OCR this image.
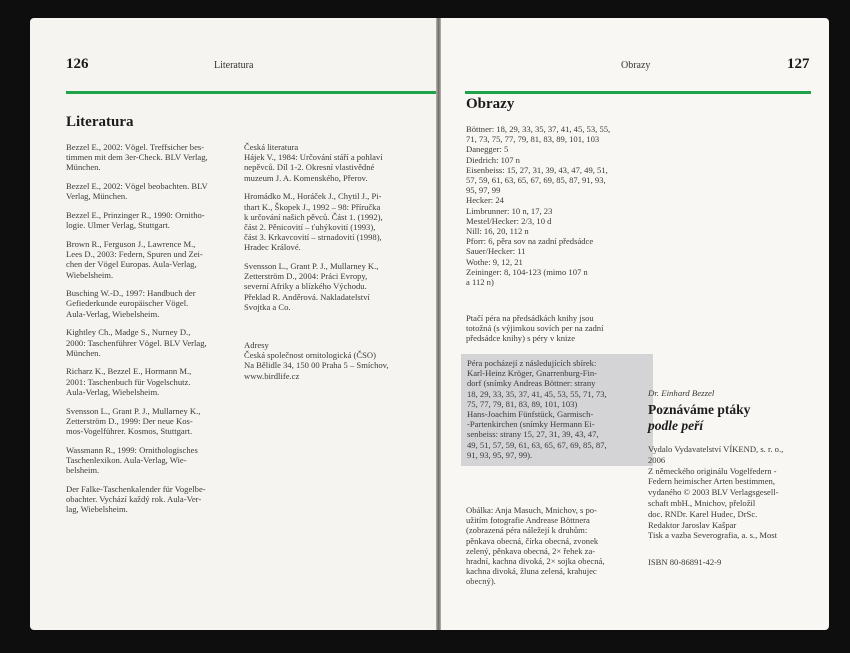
126	Literatura
Literatura

Bezzel E., 2002: Vögel. Treffsicher bes-
timmen mit dem 3er-Check. BLV Verlag,
München.

Bezzel E., 2002: Vögel beobachten. BLV
Verlag, München.

Bezzel E., Prinzinger R., 1990: Ornitho-
logie. Ulmer Verlag, Stuttgart.

Brown R., Ferguson J., Lawrence M.,
Lees D., 2003: Federn, Spuren und Zei-
chen der Vögel Europas. Aula-Verlag,
Wiebelsheim.

Busching W.-D., 1997: Handbuch der
Gefiederkunde europäischer Vögel.
Aula-Verlag, Wiebelsheim.

Kightley Ch., Madge S., Nurney D.,
2000: Taschenführer Vögel. BLV Verlag,
München.

Richarz K., Bezzel E., Hormann M.,
2001: Taschenbuch für Vogelschutz.
Aula-Verlag, Wiebelsheim.

Svensson L., Grant P. J., Mullarney K.,
Zetterström D., 1999: Der neue Kos-
mos-Vogelführer. Kosmos, Stuttgart.

Wassmann R., 1999: Ornithologisches
Taschenlexikon. Aula-Verlag, Wie-
belsheim.

Der Falke-Taschenkalender für Vogelbe-
obachter. Vychází každý rok. Aula-Ver-
lag, Wiebelsheim.

Česká literatura
Hájek V., 1984: Určování stáří a pohlaví
nepěvců. Díl 1-2. Okresní vlastivědné
muzeum J. A. Komenského, Přerov.

Hromádko M., Horáček J., Chytil J., Pi-
thart K., Škopek J., 1992 – 98: Příručka
k určování našich pěvců. Část 1. (1992),
část 2. Pěnicovití – ťuhýkovití (1993),
část 3. Krkavcovití – strnadovití (1998),
Hradec Králové.

Svensson L., Grant P. J., Mullarney K.,
Zetterström D., 2004: Práci Evropy,
severní Afriky a blízkého Východu.
Překlad R. Anděrová. Nakladatelství
Svojtka a Co.

Adresy
Česká společnost ornitologická (ČSO)
Na Bělidle 34, 150 00 Praha 5 – Smíchov,
www.birdlife.cz

Obrazy	127
Obrazy
Böttner: 18, 29, 33, 35, 37, 41, 45, 53, 55,
71, 73, 75, 77, 79, 81, 83, 89, 101, 103
Danegger: 5
Diedrich: 107 n
Eisenbeiss: 15, 27, 31, 39, 43, 47, 49, 51,
57, 59, 61, 63, 65, 67, 69, 85, 87, 91, 93,
95, 97, 99
Hecker: 24
Limbrunner: 10 n, 17, 23
Mestel/Hecker: 2/3, 10 d
Nill: 16, 20, 112 n
Pforr: 6, pěra sov na zadní předsádce
Sauer/Hecker: 11
Wothe: 9, 12, 21
Zeininger: 8, 104-123 (mimo 107 n
a 112 n)
Ptačí péra na předsádkách knihy jsou
totožná (s výjimkou sovích per na zadní
předsádce knihy) s péry v knize
Péra pocházejí z následujících sbírek:
Karl-Heinz Kröger, Gnarrenburg-Fin-
dorf (snímky Andreas Böttner: strany
18, 29, 33, 35, 37, 41, 45, 53, 55, 71, 73,
75, 77, 79, 81, 83, 89, 101, 103)
Hans-Joachim Fünfstück, Garmisch-
-Partenkirchen (snímky Hermann Ei-
senbeiss: strany 15, 27, 31, 39, 43, 47,
49, 51, 57, 59, 61, 63, 65, 67, 69, 85, 87,
91, 93, 95, 97, 99).
Obálka: Anja Masuch, Mnichov, s po-
užitím fotografie Andrease Böttnera
(zobrazená péra náležejí k druhům:
pěnkava obecná, čírka obecná, zvonek
zelený, pěnkava obecná, 2× řehek za-
hradní, kachna divoká, 2× sojka obecná,
kachna divoká, žluna zelená, krahujec
obecný).
Dr. Einhard Bezzel
Poznáváme ptáky
podle peří
Vydalo Vydavatelství VÍKEND, s. r. o.,
2006
Z německého originálu Vogelfedern -
Federn heimischer Arten bestimmen,
vydaného © 2003 BLV Verlagsgesell-
schaft mbH., Mnichov, přeložil
doc. RNDr. Karel Hudec, DrSc.
Redaktor Jaroslav Kašpar
Tisk a vazba Severografia, a. s., Most
ISBN 80-86891-42-9
